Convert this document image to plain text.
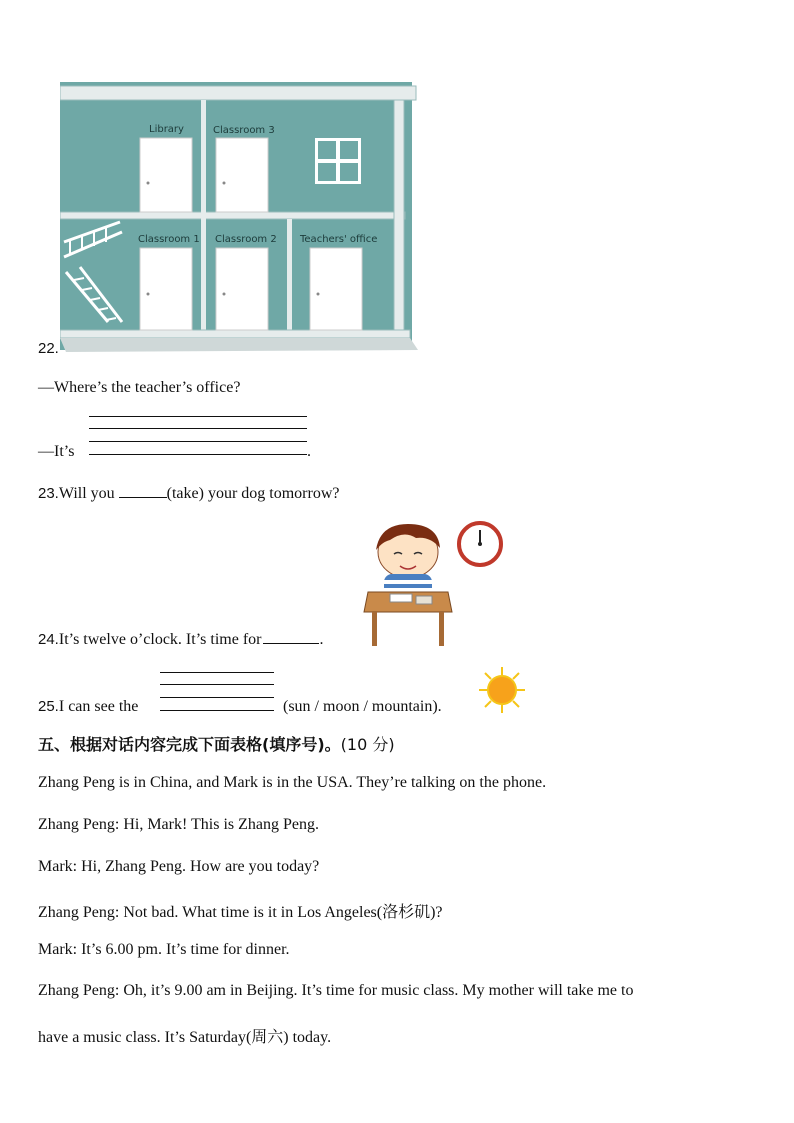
Library	Classroom 3
Classroom 1 Classroom 2 Teachers' office
22.
—Where’s the teacher’s office?
—It’s	.
23.Will you	(take) your dog tomorrow?
24.It’s twelve o’clock. It’s time for	.
25.I can see the	(sun / moon / mountain).
五、根据对话内容完成下面表格(填序号)。(10 分)
Zhang Peng is in China, and Mark is in the USA. They’re talking on the phone.
Zhang Peng: Hi, Mark! This is Zhang Peng.
Mark: Hi, Zhang Peng. How are you today?
Zhang Peng: Not bad. What time is it in Los Angeles(洛杉矶)?
Mark: It’s 6.00 pm. It’s time for dinner.
Zhang Peng: Oh, it’s 9.00 am in Beijing. It’s time for music class. My mother will take me to
have a music class. It’s Saturday(周六) today.
